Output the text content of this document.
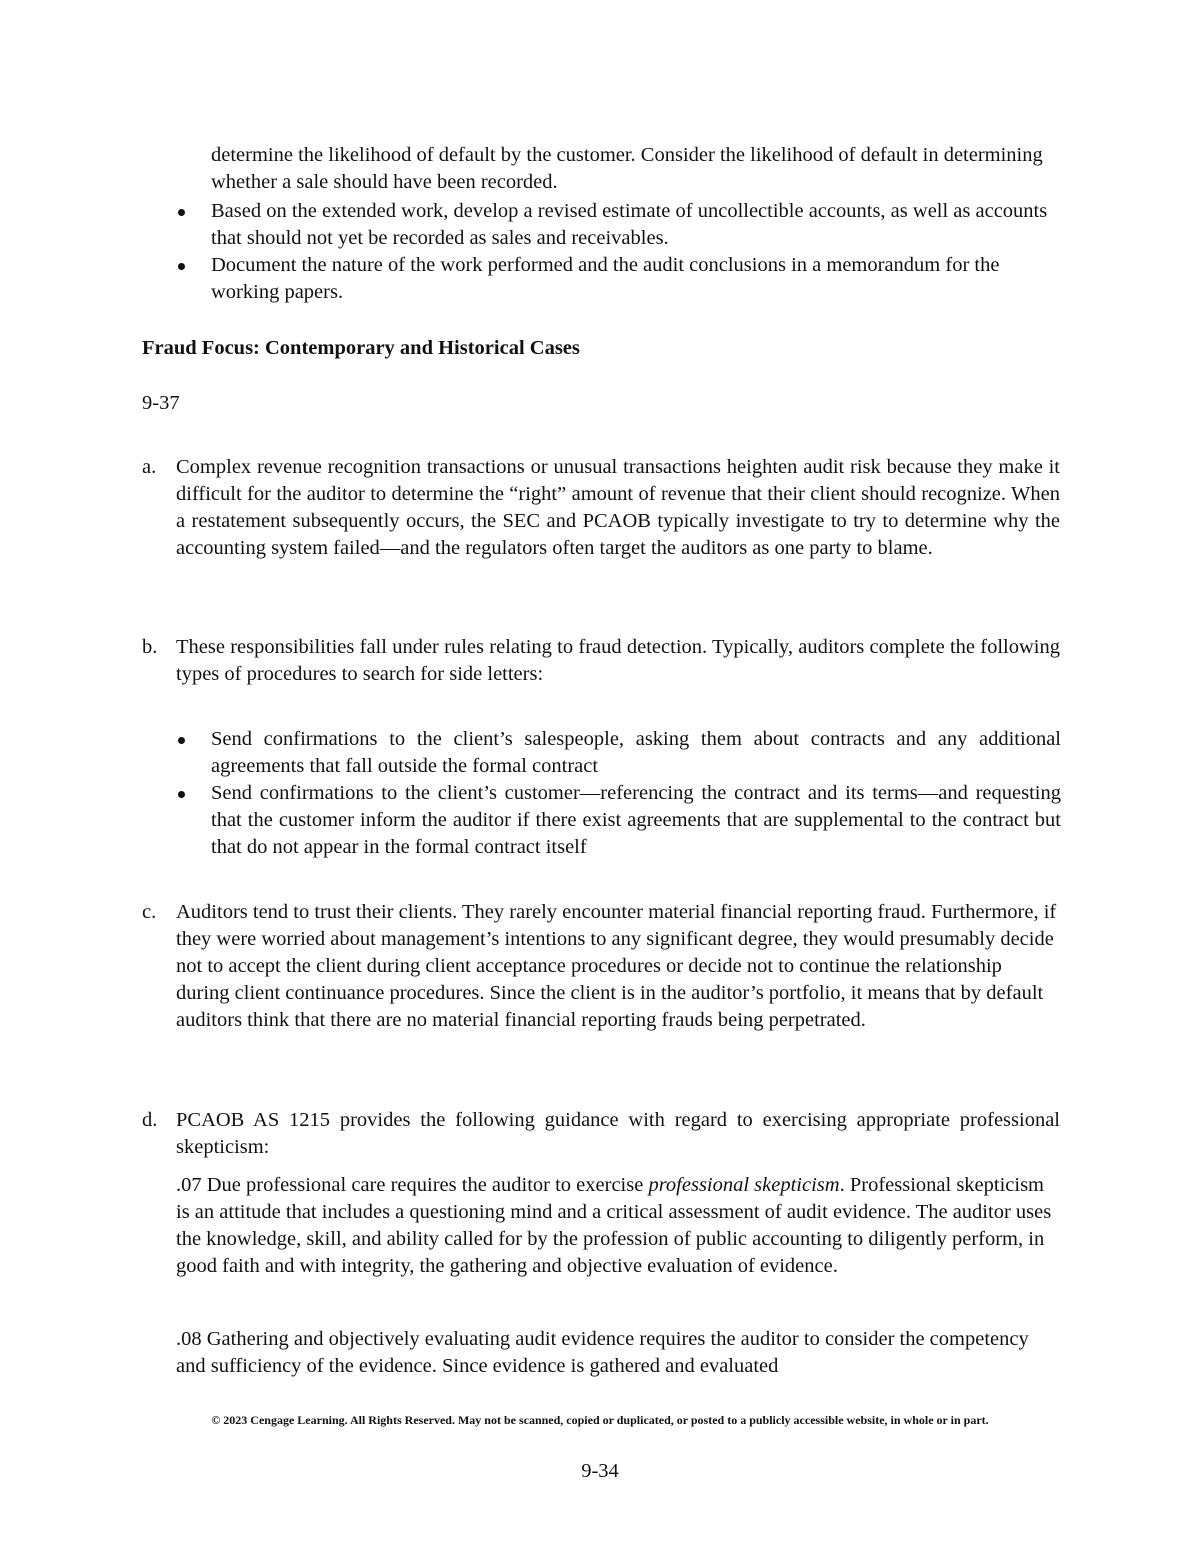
determine the likelihood of default by the customer. Consider the likelihood of default in determining whether a sale should have been recorded.

Based on the extended work, develop a revised estimate of uncollectible accounts, as well as accounts that should not yet be recorded as sales and receivables.
Document the nature of the work performed and the audit conclusions in a memorandum for the working papers.
Fraud Focus: Contemporary and Historical Cases

9-37

a. Complex revenue recognition transactions or unusual transactions heighten audit risk because they make it difficult for the auditor to determine the “right” amount of revenue that their client should recognize. When a restatement subsequently occurs, the SEC and PCAOB typically investigate to try to determine why the accounting system failed—and the regulators often target the auditors as one party to blame.

b. These responsibilities fall under rules relating to fraud detection. Typically, auditors complete the following types of procedures to search for side letters:

Send confirmations to the client’s salespeople, asking them about contracts and any additional agreements that fall outside the formal contract
Send confirmations to the client’s customer—referencing the contract and its terms—and requesting that the customer inform the auditor if there exist agreements that are supplemental to the contract but that do not appear in the formal contract itself
c. Auditors tend to trust their clients. They rarely encounter material financial reporting fraud. Furthermore, if they were worried about management’s intentions to any significant degree, they would presumably decide not to accept the client during client acceptance procedures or decide not to continue the relationship during client continuance procedures. Since the client is in the auditor’s portfolio, it means that by default auditors think that there are no material financial reporting frauds being perpetrated.

d. PCAOB AS 1215 provides the following guidance with regard to exercising appropriate professional skepticism:

.07 Due professional care requires the auditor to exercise professional skepticism. Professional skepticism is an attitude that includes a questioning mind and a critical assessment of audit evidence. The auditor uses the knowledge, skill, and ability called for by the profession of public accounting to diligently perform, in good faith and with integrity, the gathering and objective evaluation of evidence.

.08 Gathering and objectively evaluating audit evidence requires the auditor to consider the competency and sufficiency of the evidence. Since evidence is gathered and evaluated

© 2023 Cengage Learning. All Rights Reserved. May not be scanned, copied or duplicated, or posted to a publicly accessible website, in whole or in part.

9-34
